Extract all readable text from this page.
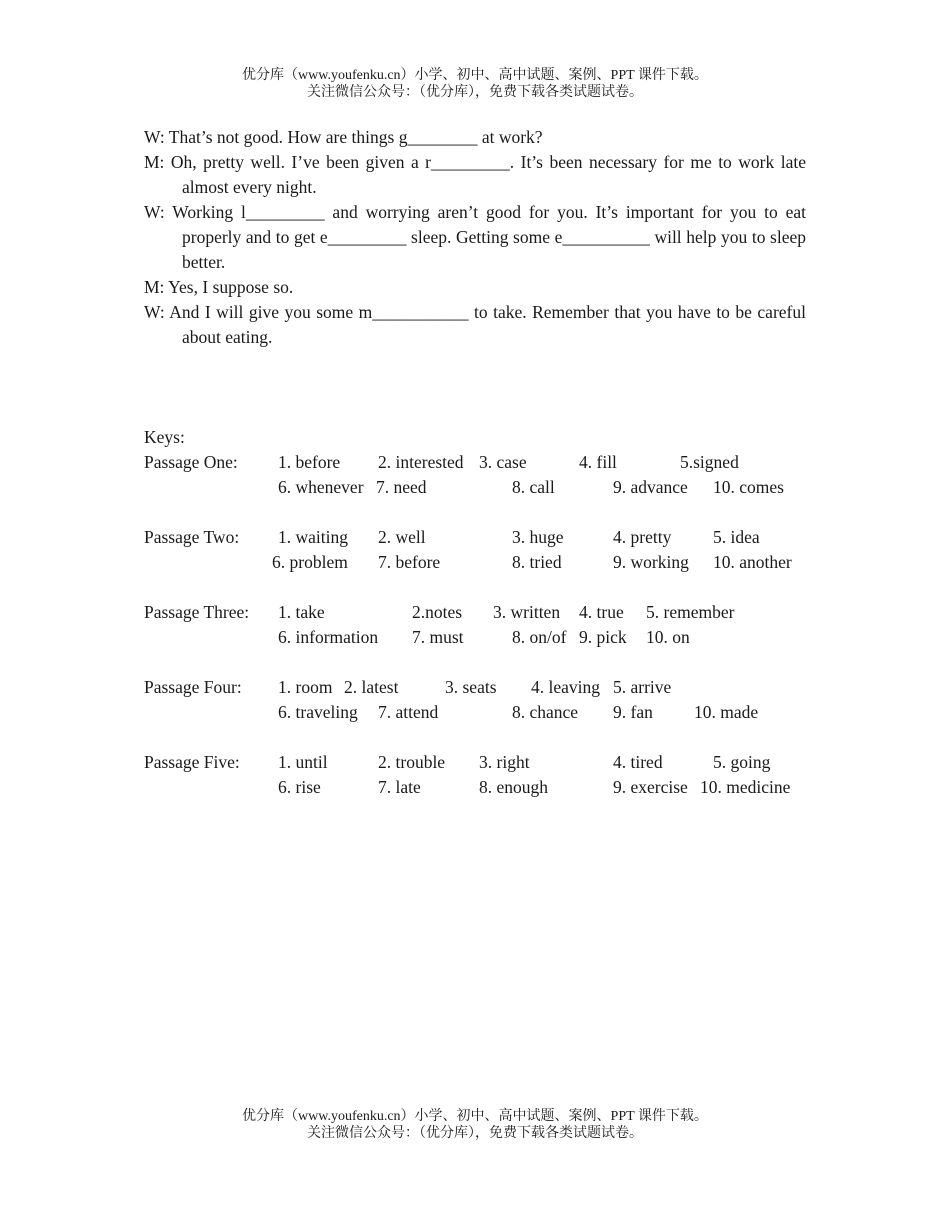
优分库（www.youfenku.cn）小学、初中、高中试题、案例、PPT 课件下载。
关注微信公众号：（优分库），免费下载各类试题试卷。

W: That’s not good. How are things g________ at work?

M: Oh, pretty well. I’ve been given a r_________. It’s been necessary for me to work late almost every night.

W: Working l_________ and worrying aren’t good for you. It’s important for you to eat properly and to get e_________ sleep. Getting some e__________ will help you to sleep better.

M: Yes, I suppose so.

W: And I will give you some m___________ to take. Remember that you have to be careful about eating.

Keys:
Passage One: 1. before 2. interested 3. case	4. fill	5.signed
6. whenever 7. need	8. call	9. advance 10. comes
Passage Two: 1. waiting 2. well	3. huge	4. pretty 5. idea
6. problem 7. before	8. tried	9. working 10. another
Passage Three: 1. take	2.notes 3. written 4. true 5. remember
6. information 7. must	8. on/of 9. pick 10. on
Passage Four: 1. room 2. latest	3. seats 4. leaving 5. arrive
6. traveling 7. attend	8. chance 9. fan 10. made
Passage Five: 1. until	2. trouble 3. right	4. tired	5. going
6. rise	7. late	8. enough	9. exercise 10. medicine
优分库（www.youfenku.cn）小学、初中、高中试题、案例、PPT 课件下载。
关注微信公众号：（优分库），免费下载各类试题试卷。
